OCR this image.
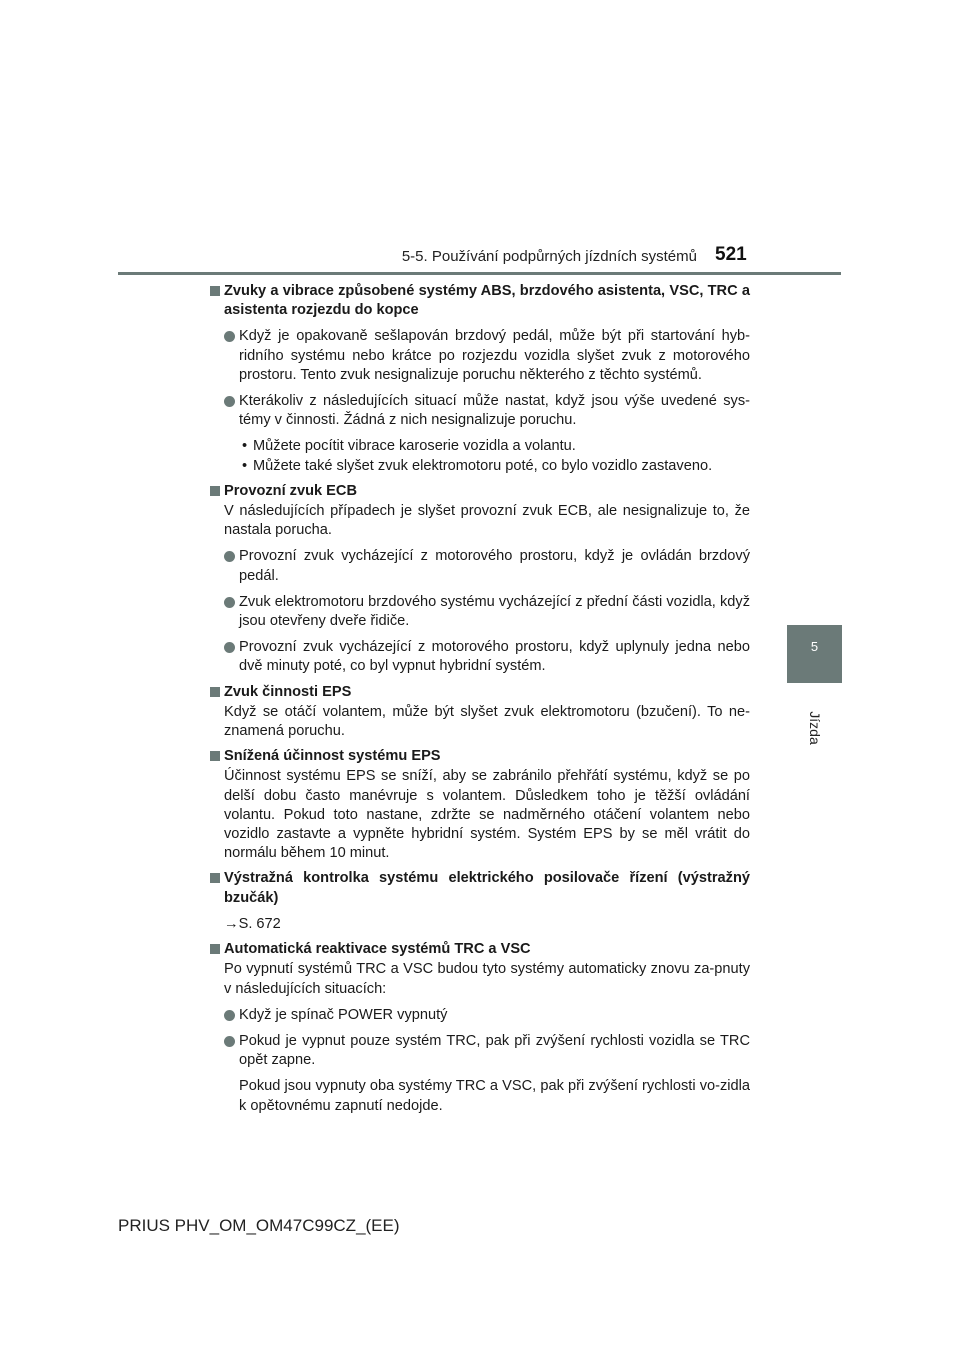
5-5. Používání podpůrných jízdních systémů 521
5
Jízda
Zvuky a vibrace způsobené systémy ABS, brzdového asistenta, VSC, TRC a asistenta rozjezdu do kopce
Když je opakovaně sešlapován brzdový pedál, může být při startování hyb-ridního systému nebo krátce po rozjezdu vozidla slyšet zvuk z motorového prostoru. Tento zvuk nesignalizuje poruchu některého z těchto systémů.
Kterákoliv z následujících situací může nastat, když jsou výše uvedené sys-témy v činnosti. Žádná z nich nesignalizuje poruchu.
• Můžete pocítit vibrace karoserie vozidla a volantu.
• Můžete také slyšet zvuk elektromotoru poté, co bylo vozidlo zastaveno.
Provozní zvuk ECB
V následujících případech je slyšet provozní zvuk ECB, ale nesignalizuje to, že nastala porucha.
Provozní zvuk vycházející z motorového prostoru, když je ovládán brzdový pedál.
Zvuk elektromotoru brzdového systému vycházející z přední části vozidla, když jsou otevřeny dveře řidiče.
Provozní zvuk vycházející z motorového prostoru, když uplynuly jedna nebo dvě minuty poté, co byl vypnut hybridní systém.
Zvuk činnosti EPS
Když se otáčí volantem, může být slyšet zvuk elektromotoru (bzučení). To ne-znamená poruchu.
Snížená účinnost systému EPS
Účinnost systému EPS se sníží, aby se zabránilo přehřátí systému, když se po delší dobu často manévruje s volantem. Důsledkem toho je těžší ovládání volantu. Pokud toto nastane, zdržte se nadměrného otáčení volantem nebo vozidlo zastavte a vypněte hybridní systém. Systém EPS by se měl vrátit do normálu během 10 minut.
Výstražná kontrolka systému elektrického posilovače řízení (výstražný bzučák)
→S. 672
Automatická reaktivace systémů TRC a VSC
Po vypnutí systémů TRC a VSC budou tyto systémy automaticky znovu za-pnuty v následujících situacích:
Když je spínač POWER vypnutý
Pokud je vypnut pouze systém TRC, pak při zvýšení rychlosti vozidla se TRC opět zapne.
Pokud jsou vypnuty oba systémy TRC a VSC, pak při zvýšení rychlosti vo-zidla k opětovnému zapnutí nedojde.
PRIUS PHV_OM_OM47C99CZ_(EE)
